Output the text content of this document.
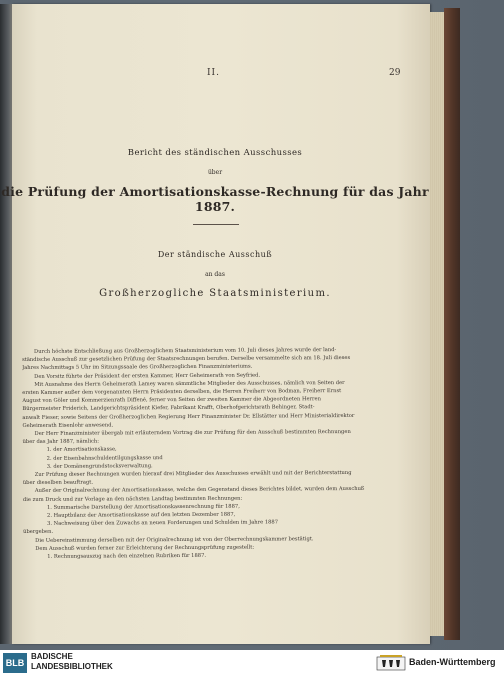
II.	29
Bericht des ständischen Ausschusses
über
die Prüfung der Amortisationskasse-Rechnung für das Jahr 1887.
Der ständische Ausschuß
an das
Großherzogliche Staatsministerium.
Durch höchste Entschließung aus Großherzoglichem Staatsministerium vom 10. Juli dieses Jahres wurde der land-
ständische Ausschuß zur gesetzlichen Prüfung der Staatsrechnungen berufen. Derselbe versammelte sich am 18. Juli dieses
Jahres Nachmittags 5 Uhr im Sitzungssaale des Großherzoglichen Finanzministeriums.
Den Vorsitz führte der Präsident der ersten Kammer, Herr Geheimerath von Seyfried.
Mit Ausnahme des Herrn Geheimerath Lamey waren sämmtliche Mitglieder des Ausschusses, nämlich von Seiten der
ersten Kammer außer dem vorgenannten Herrn Präsidenten derselben, die Herren Freiherr von Bodman, Freiherr Ernst
August von Göler und Kommerzienrath Diffené, ferner von Seiten der zweiten Kammer die Abgeordneten Herren
Bürgermeister Friderich, Landgerichtspräsident Kiefer, Fabrikant Krafft, Oberhofgerichtsrath Behinger, Stadt-
anwalt Fieser, sowie Seitens der Großherzoglichen Regierung Herr Finanzminister Dr. Ellstätter und Herr Ministerialdirektor
Geheimerath Eisenlohr anwesend.
Der Herr Finanzminister übergab mit erläuterndem Vortrag die zur Prüfung für den Ausschuß bestimmten Rechnungen
über das Jahr 1887, nämlich:
1. der Amortisationskasse,
2. der Eisenbahnschuldentilgungskasse und
3. der Domänengrundstocksverwaltung.
Zur Prüfung dieser Rechnungen wurden hierauf drei Mitglieder des Ausschusses erwählt und mit der Berichterstattung
über dieselben beauftragt.
Außer der Originalrechnung der Amortisationskasse, welche den Gegenstand dieses Berichtes bildet, wurden dem Ausschuß
die zum Druck und zur Vorlage an den nächsten Landtag bestimmten Rechnungen:
1. Summarische Darstellung der Amortisationskassenrechnung für 1887,
2. Hauptbilanz der Amortisationskasse auf den letzten Dezember 1887,
3. Nachweisung über den Zuwachs an neuen Forderungen und Schulden im Jahre 1887
übergeben.
Die Uebereinstimmung derselben mit der Originalrechnung ist von der Oberrechnungskammer bestätigt.
Dem Ausschuß wurden ferner zur Erleichterung der Rechnungsprüfung zugestellt:
1. Rechnungsauszug nach den einzelnen Rubriken für 1887.
BLB
BADISCHE
LANDESBIBLIOTHEK	Baden-Württemberg
